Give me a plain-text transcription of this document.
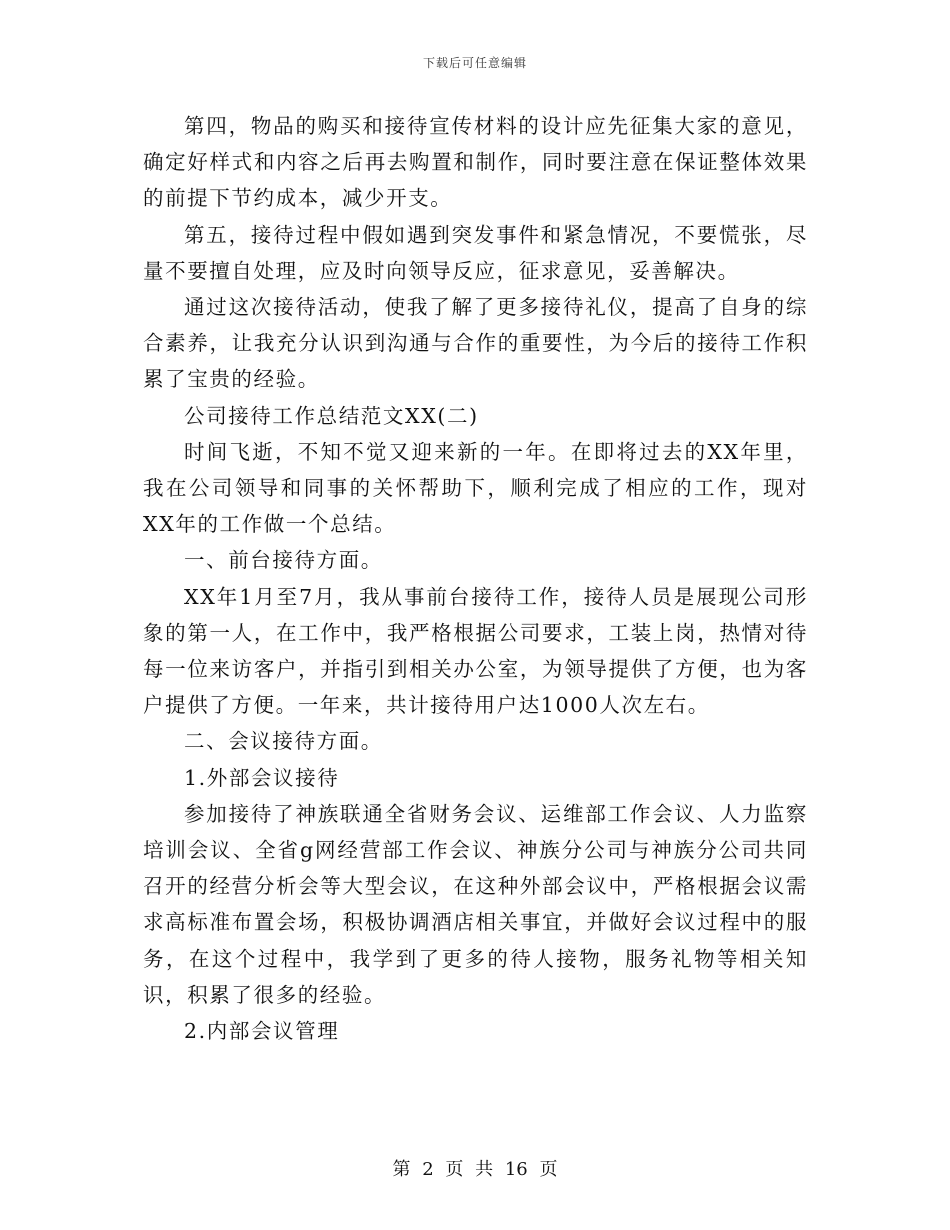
下载后可任意编辑

第四，物品的购买和接待宣传材料的设计应先征集大家的意见，确定好样式和内容之后再去购置和制作，同时要注意在保证整体效果的前提下节约成本，减少开支。

第五，接待过程中假如遇到突发事件和紧急情况，不要慌张，尽量不要擅自处理，应及时向领导反应，征求意见，妥善解决。

通过这次接待活动，使我了解了更多接待礼仪，提高了自身的综合素养，让我充分认识到沟通与合作的重要性，为今后的接待工作积累了宝贵的经验。

公司接待工作总结范文XX(二)

时间飞逝，不知不觉又迎来新的一年。在即将过去的XX年里，我在公司领导和同事的关怀帮助下，顺利完成了相应的工作，现对XX年的工作做一个总结。

一、前台接待方面。

XX年1月至7月，我从事前台接待工作，接待人员是展现公司形象的第一人，在工作中，我严格根据公司要求，工装上岗，热情对待每一位来访客户，并指引到相关办公室，为领导提供了方便，也为客户提供了方便。一年来，共计接待用户达1000人次左右。

二、会议接待方面。

1.外部会议接待

参加接待了神族联通全省财务会议、运维部工作会议、人力监察培训会议、全省g网经营部工作会议、神族分公司与神族分公司共同召开的经营分析会等大型会议，在这种外部会议中，严格根据会议需求高标准布置会场，积极协调酒店相关事宜，并做好会议过程中的服务，在这个过程中，我学到了更多的待人接物，服务礼物等相关知识，积累了很多的经验。

2.内部会议管理

第 2 页 共 16 页
